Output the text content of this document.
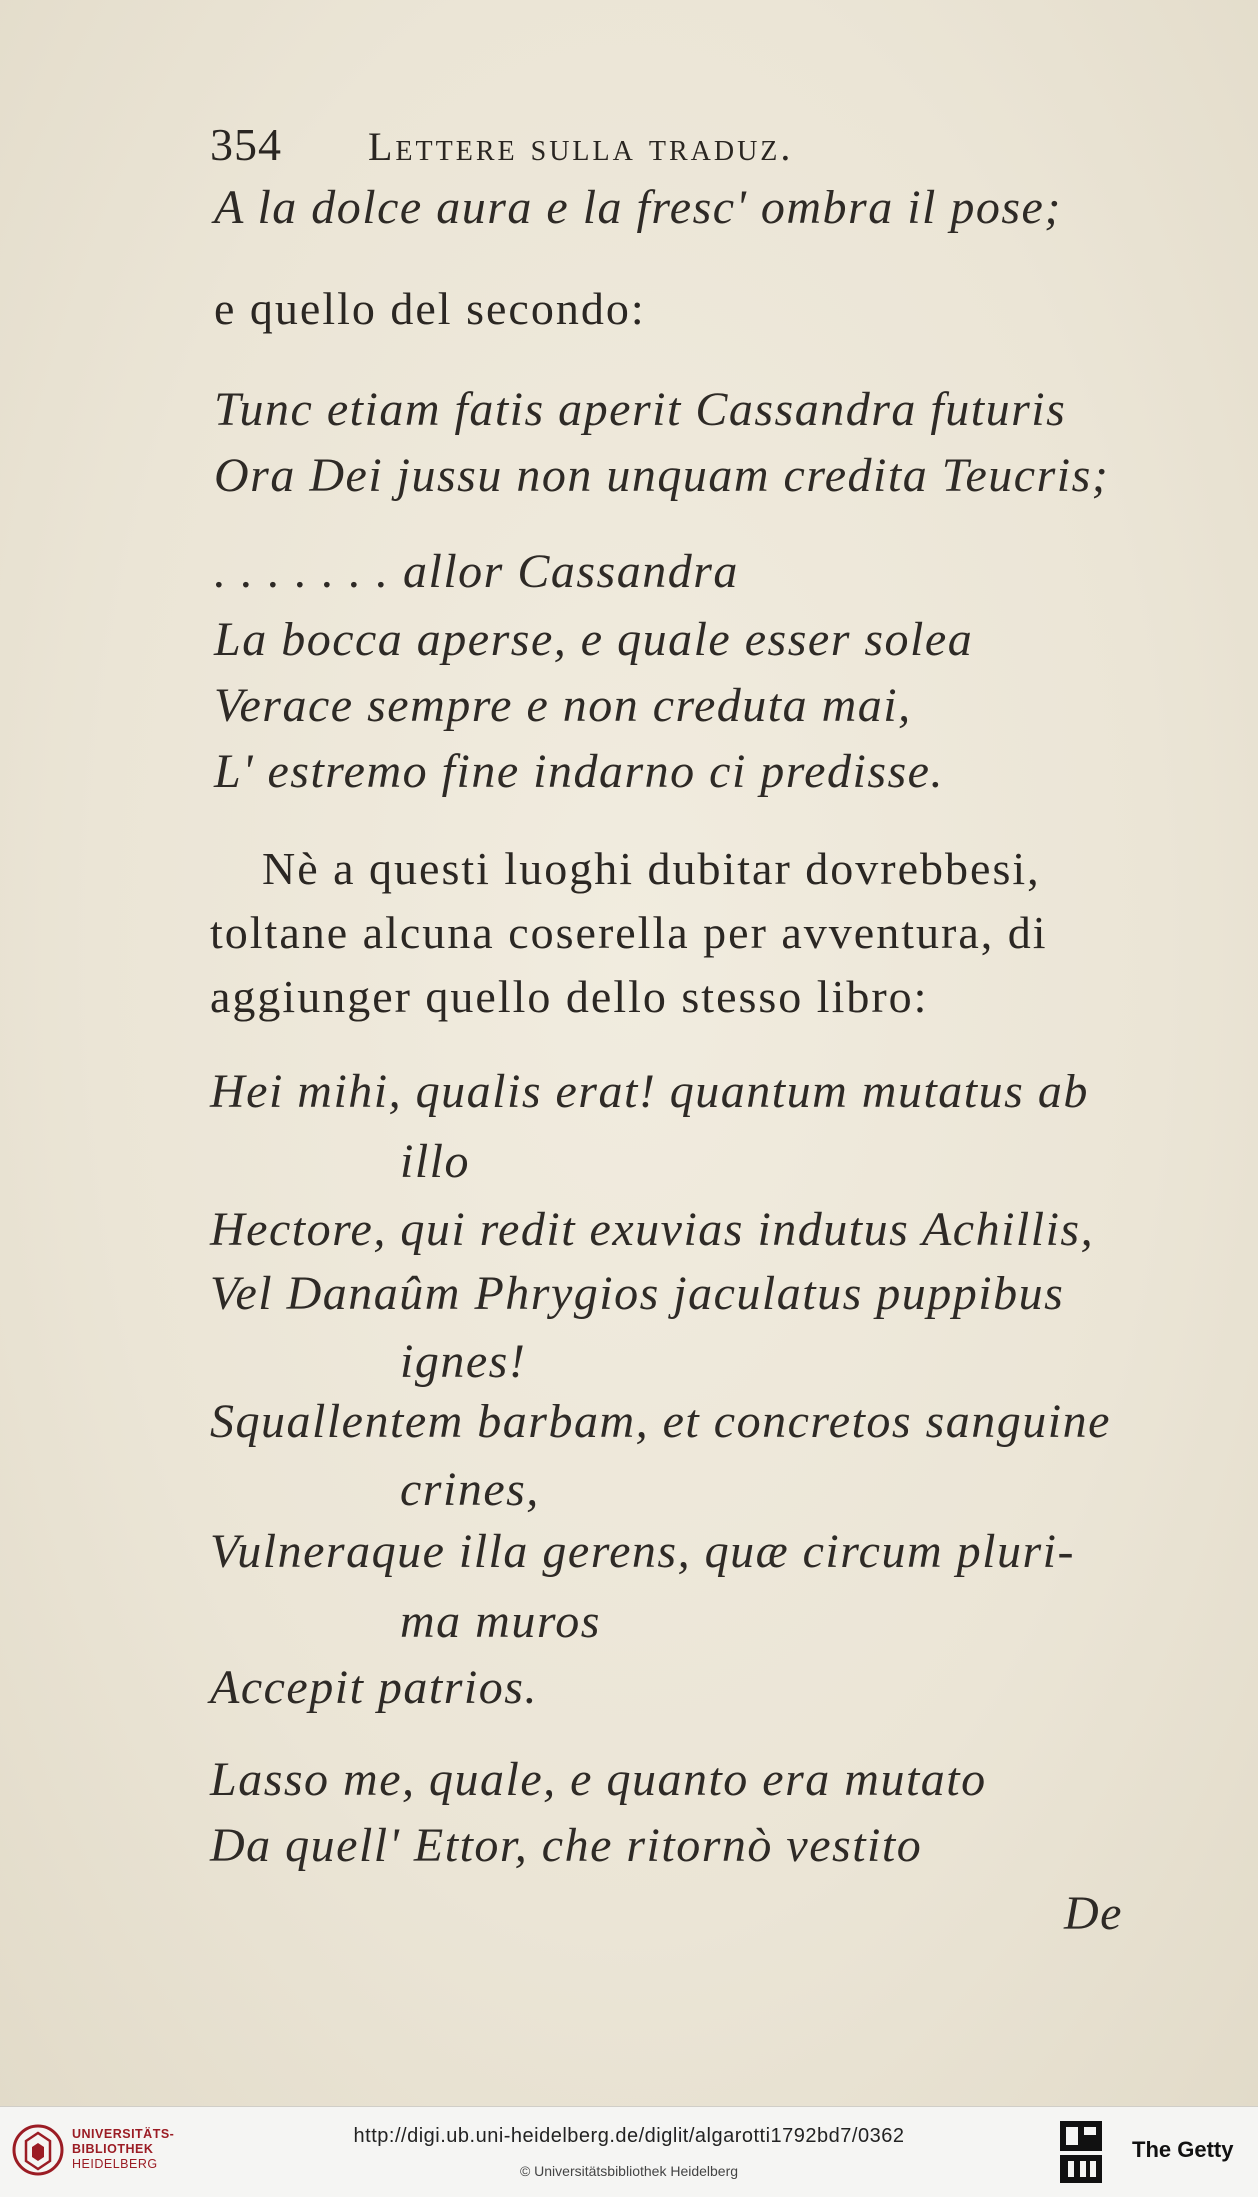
354 Lettere sulla traduz.
A la dolce aura e la fresc' ombra il pose;
e quello del secondo:
Tunc etiam fatis aperit Cassandra futuris
Ora Dei jussu non unquam credita Teucris;
. . . . . . . allor Cassandra
La bocca aperse, e quale esser solea
Verace sempre e non creduta mai,
L' estremo fine indarno ci predisse.
Nè a questi luoghi dubitar dovrebbesi,
toltane alcuna coserella per avventura, di
aggiunger quello dello stesso libro:
Hei mihi, qualis erat! quantum mutatus ab
illo
Hectore, qui redit exuvias indutus Achillis,
Vel Danaûm Phrygios jaculatus puppibus
ignes!
Squallentem barbam, et concretos sanguine
crines,
Vulneraque illa gerens, quæ circum pluri-
ma muros
Accepit patrios.
Lasso me, quale, e quanto era mutato
Da quell' Ettor, che ritornò vestito
De
UNIVERSITÄTS-
BIBLIOTHEK
HEIDELBERG
http://digi.ub.uni-heidelberg.de/diglit/algarotti1792bd7/0362
© Universitätsbibliothek Heidelberg
The Getty
